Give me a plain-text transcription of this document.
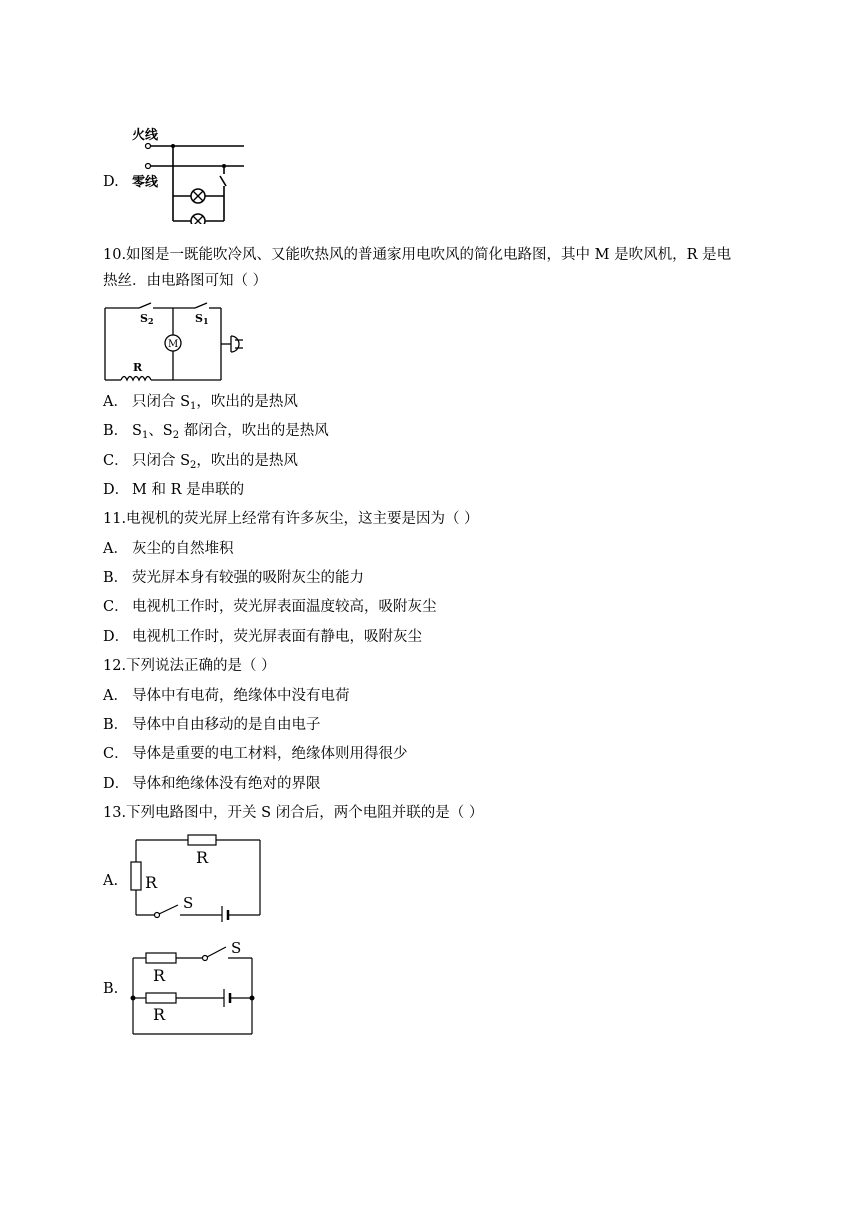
D.
火线
零线
10.如图是一既能吹冷风、又能吹热风的普通家用电吹风的简化电路图，其中 M 是吹风机，R 是电
热丝．由电路图可知（ ）
S2	S1
M
R
A． 只闭合 $S_1$，吹出的是热风
B． $S_1$、$S_2$ 都闭合，吹出的是热风
C． 只闭合 $S_2$，吹出的是热风
D． M 和 R 是串联的
11.电视机的荧光屏上经常有许多灰尘，这主要是因为（ ）
A． 灰尘的自然堆积
B． 荧光屏本身有较强的吸附灰尘的能力
C． 电视机工作时，荧光屏表面温度较高，吸附灰尘
D． 电视机工作时，荧光屏表面有静电，吸附灰尘
12.下列说法正确的是（ ）
A． 导体中有电荷，绝缘体中没有电荷
B． 导体中自由移动的是自由电子
C． 导体是重要的电工材料，绝缘体则用得很少
D． 导体和绝缘体没有绝对的界限
13.下列电路图中，开关 S 闭合后，两个电阻并联的是（ ）
A.
R
R
S
B.
S
R
R
